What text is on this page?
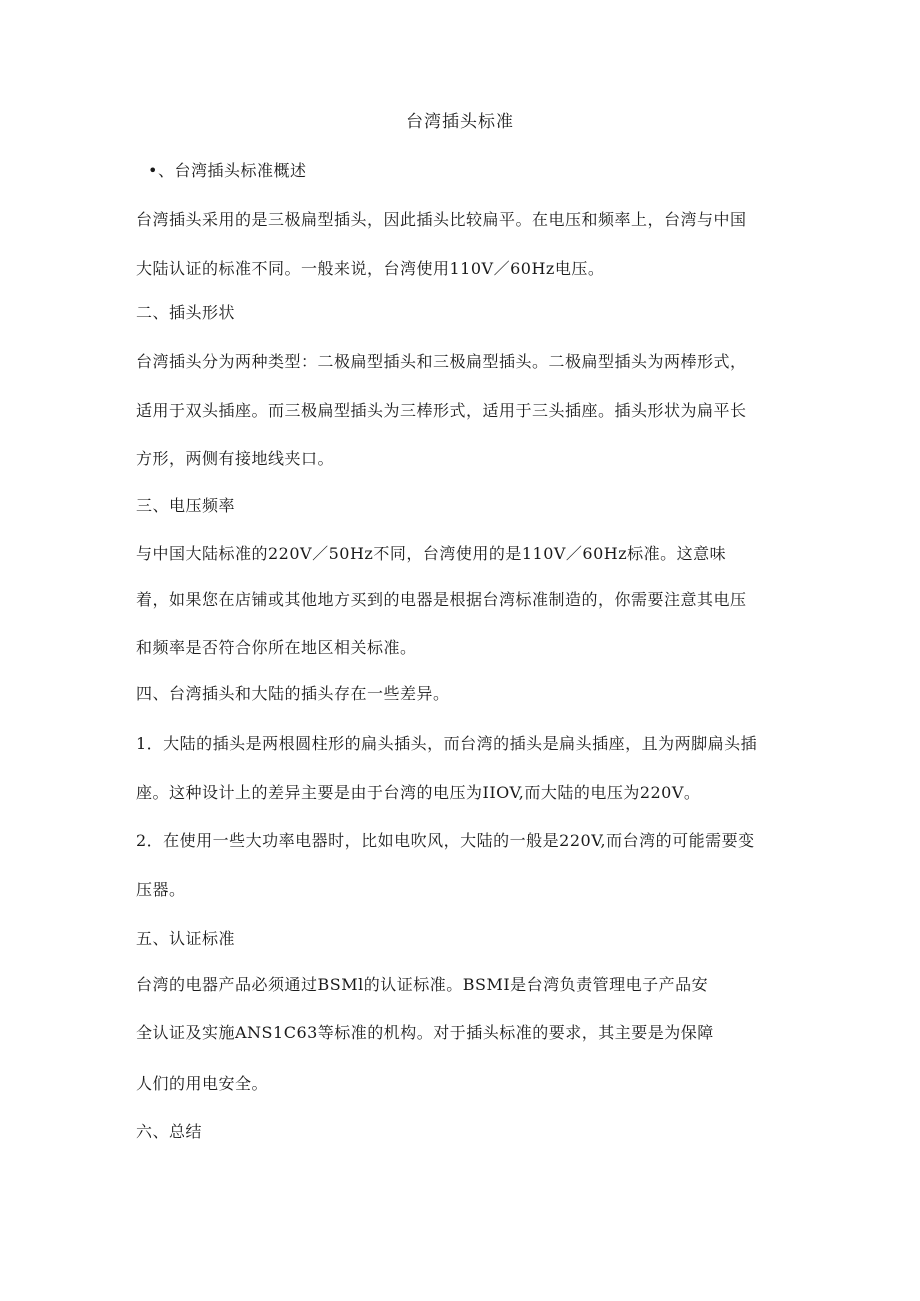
台湾插头标准
•、台湾插头标准概述
台湾插头采用的是三极扁型插头，因此插头比较扁平。在电压和频率上，台湾与中国
大陆认证的标准不同。一般来说，台湾使用110V／60Hz电压。
二、插头形状
台湾插头分为两种类型：二极扁型插头和三极扁型插头。二极扁型插头为两棒形式，
适用于双头插座。而三极扁型插头为三棒形式，适用于三头插座。插头形状为扁平长
方形，两侧有接地线夹口。
三、电压频率
与中国大陆标准的220V／50Hz不同，台湾使用的是110V／60Hz标准。这意味
着，如果您在店铺或其他地方买到的电器是根据台湾标准制造的，你需要注意其电压
和频率是否符合你所在地区相关标准。
四、台湾插头和大陆的插头存在一些差异。
1．大陆的插头是两根圆柱形的扁头插头，而台湾的插头是扁头插座，且为两脚扁头插
座。这种设计上的差异主要是由于台湾的电压为IIOV,而大陆的电压为220V。
2．在使用一些大功率电器时，比如电吹风，大陆的一般是220V,而台湾的可能需要变
压器。
五、认证标准
台湾的电器产品必须通过BSMl的认证标准。BSMI是台湾负责管理电子产品安
全认证及实施ANS1C63等标准的机构。对于插头标准的要求，其主要是为保障
人们的用电安全。
六、总结
